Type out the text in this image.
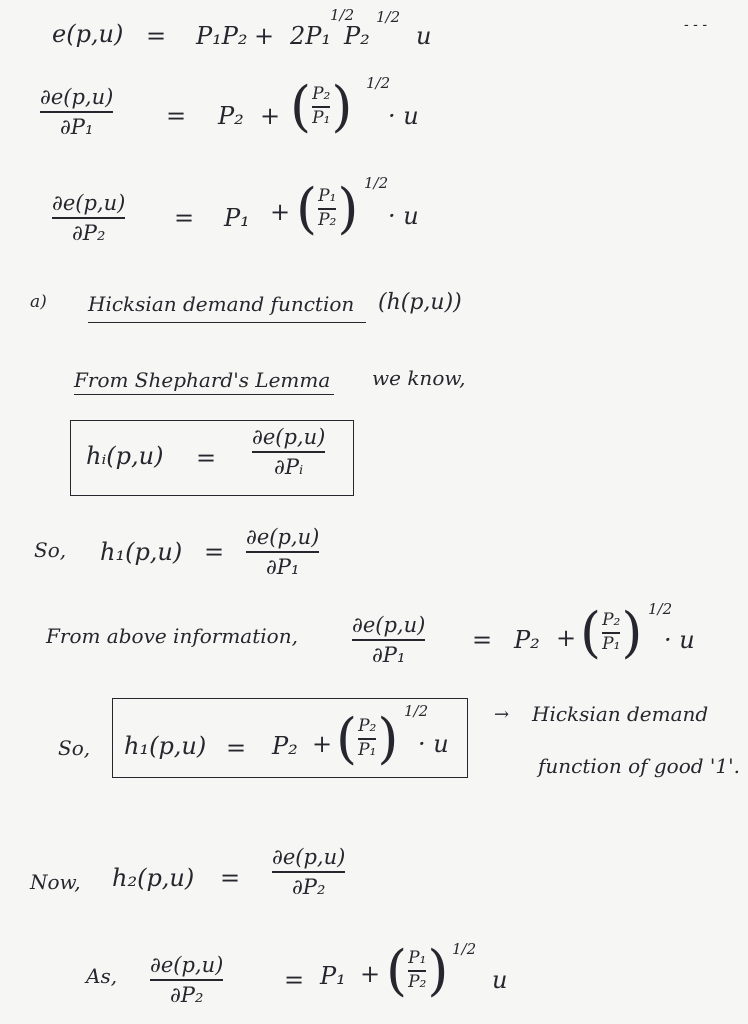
e(p,u) = P₁P₂ + 2P₁
1/2
P₂
1/2
u	- - -
∂e(p,u)
∂P₁	= P₂ + ( P₂
P₁ ) 1/2
· u
∂e(p,u)
∂P₂
= P₁ + ( P₁
P₂ ) 1/2
· u
a) Hicksian demand function (h(p,u))
From Shephard's Lemma we know,
hᵢ(p,u) =
∂e(p,u)
∂Pᵢ
So, h₁(p,u) =
∂e(p,u)
∂P₁
From above information,	∂e(p,u)
∂P₁
= P₂ + ( P₂
P₁ ) 1/2
· u
So, h₁(p,u) = P₂ + ( P₂
P₁ ) 1/2
· u
→ Hicksian demand
function of good '1'.
Now, h₂(p,u) =
∂e(p,u)
∂P₂
As, ∂e(p,u)
∂P₂
= P₁ + ( P₁
P₂ ) 1/2
u
